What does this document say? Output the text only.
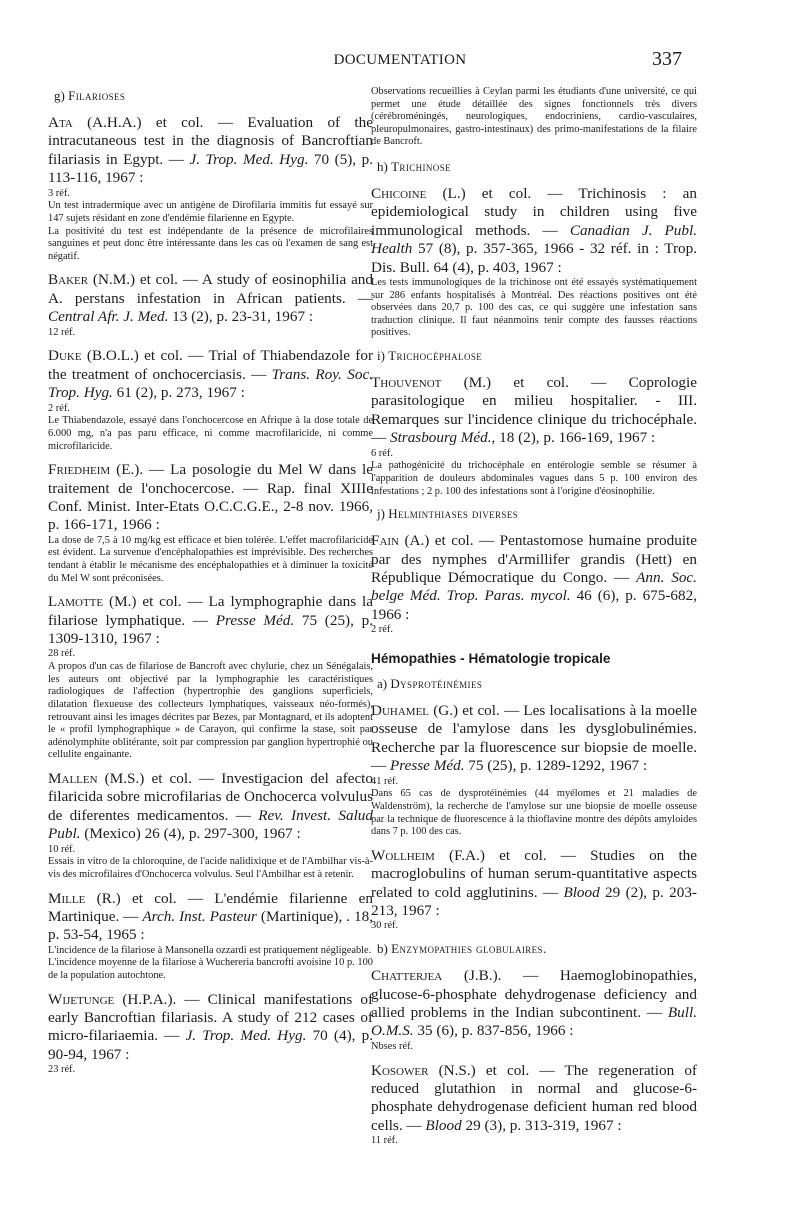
DOCUMENTATION	337
g) Filarioses
Ata (A.H.A.) et col. — Evaluation of the intracutaneous test in the diagnosis of Bancroftian filariasis in Egypt. — J. Trop. Med. Hyg. 70 (5), p. 113-116, 1967 :
3 réf.

Un test intradermique avec un antigène de Dirofilaria immitis fut essayé sur 147 sujets résidant en zone d'endémie filarienne en Egypte.

La positivité du test est indépendante de la présence de microfilaires sanguines et peut donc être intéressante dans les cas où l'examen de sang est négatif.

Baker (N.M.) et col. — A study of eosinophilia and A. perstans infestation in African patients. — Central Afr. J. Med. 13 (2), p. 23-31, 1967 :
12 réf.
Duke (B.O.L.) et col. — Trial of Thiabendazole for the treatment of onchocerciasis. — Trans. Roy. Soc. Trop. Hyg. 61 (2), p. 273, 1967 :
2 réf.

Le Thiabendazole, essayé dans l'onchocercose en Afrique à la dose totale de 6.000 mg, n'a pas paru efficace, ni comme macrofilaricide, ni comme microfilaricide.

Friedheim (E.). — La posologie du Mel W dans le traitement de l'onchocercose. — Rap. final XIIIe Conf. Minist. Inter-Etats O.C.C.G.E., 2-8 nov. 1966, p. 166-171, 1966 :

La dose de 7,5 à 10 mg/kg est efficace et bien tolérée. L'effet macrofilaricide est évident. La survenue d'encéphalopathies est imprévisible. Des recherches tendant à établir le mécanisme des encéphalopathies et à diminuer la toxicité du Mel W sont préconisées.

Lamotte (M.) et col. — La lymphographie dans la filariose lymphatique. — Presse Méd. 75 (25), p. 1309-1310, 1967 :
28 réf.

A propos d'un cas de filariose de Bancroft avec chylurie, chez un Sénégalais, les auteurs ont objectivé par la lymphographie les caractéristiques radiologiques de l'affection (hypertrophie des ganglions superficiels, dilatation flexueuse des collecteurs lymphatiques, vaisseaux néo-formés), retrouvant ainsi les images décrites par Bezes, par Montagnard, et ils adoptent le « profil lymphographique » de Carayon, qui confirme la stase, soit par adénolymphite oblitérante, soit par compression par ganglion hypertrophié ou cellulite engainante.

Mallen (M.S.) et col. — Investigacion del afecto filaricida sobre microfilarias de Onchocerca volvulus de diferentes medicamentos. — Rev. Invest. Salud Publ. (Mexico) 26 (4), p. 297-300, 1967 :
10 réf.

Essais in vitro de la chloroquine, de l'acide nalidixique et de l'Ambilhar vis-à-vis des microfilaires d'Onchocerca volvulus. Seul l'Ambilhar est à retenir.

Mille (R.) et col. — L'endémie filarienne en Martinique. — Arch. Inst. Pasteur (Martinique), . 18, p. 53-54, 1965 :

L'incidence de la filariose à Mansonella ozzardi est pratiquement négligeable.

L'incidence moyenne de la filariose à Wuchereria bancrofti avoisine 10 p. 100 de la population autochtone.

Wijetunge (H.P.A.). — Clinical manifestations of early Bancroftian filariasis. A study of 212 cases of micro-filariaemia. — J. Trop. Med. Hyg. 70 (4), p. 90-94, 1967 :
23 réf.
Observations recueillies à Ceylan parmi les étudiants d'une université, ce qui permet une étude détaillée des signes fonctionnels très divers (cérébroméningés, neurologiques, endocriniens, cardio-vasculaires, pleuropulmonaires, gastro-intestinaux) des primo-manifestations de la filaire de Bancroft.
h) Trichinose
Chicoine (L.) et col. — Trichinosis : an epidemiological study in children using five immunological methods. — Canadian J. Publ. Health 57 (8), p. 357-365, 1966 - 32 réf. in : Trop. Dis. Bull. 64 (4), p. 403, 1967 :

Les tests immunologiques de la trichinose ont été essayés systématiquement sur 286 enfants hospitalisés à Montréal. Des réactions positives ont été observées dans 20,7 p. 100 des cas, ce qui suggère une infestation sans traduction clinique. Il faut néanmoins tenir compte des fausses réactions positives.

i) Trichocéphalose
Thouvenot (M.) et col. — Coprologie parasitologique en milieu hospitalier. - III. Remarques sur l'incidence clinique du trichocéphale. — Strasbourg Méd., 18 (2), p. 166-169, 1967 :
6 réf.

La pathogénicité du trichocéphale en entérologie semble se résumer à l'apparition de douleurs abdominales vagues dans 5 p. 100 environ des infestations ; 2 p. 100 des infestations sont à l'origine d'éosinophilie.

j) Helminthiases diverses
Fain (A.) et col. — Pentastomose humaine produite par des nymphes d'Armillifer grandis (Hett) en République Démocratique du Congo. — Ann. Soc. belge Méd. Trop. Paras. mycol. 46 (6), p. 675-682, 1966 :
2 réf.
Hémopathies - Hématologie tropicale
a) Dysprotéinémies
Duhamel (G.) et col. — Les localisations à la moelle osseuse de l'amylose dans les dysglobulinémies. Recherche par la fluorescence sur biopsie de moelle. — Presse Méd. 75 (25), p. 1289-1292, 1967 :
41 réf.

Dans 65 cas de dysprotéinémies (44 myélomes et 21 maladies de Waldenström), la recherche de l'amylose sur une biopsie de moelle osseuse par la technique de fluorescence à la thioflavine montre des dépôts amyloides dans 7 p. 100 des cas.

Wollheim (F.A.) et col. — Studies on the macroglobulins of human serum-quantitative aspects related to cold agglutinins. — Blood 29 (2), p. 203-213, 1967 :
30 réf.
b) Enzymopathies globulaires.
Chatterjea (J.B.). — Haemoglobinopathies, glucose-6-phosphate dehydrogenase deficiency and allied problems in the Indian subcontinent. — Bull. O.M.S. 35 (6), p. 837-856, 1966 :
Nbses réf.
Kosower (N.S.) et col. — The regeneration of reduced glutathion in normal and glucose-6-phosphate dehydrogenase deficient human red blood cells. — Blood 29 (3), p. 313-319, 1967 :
11 réf.
